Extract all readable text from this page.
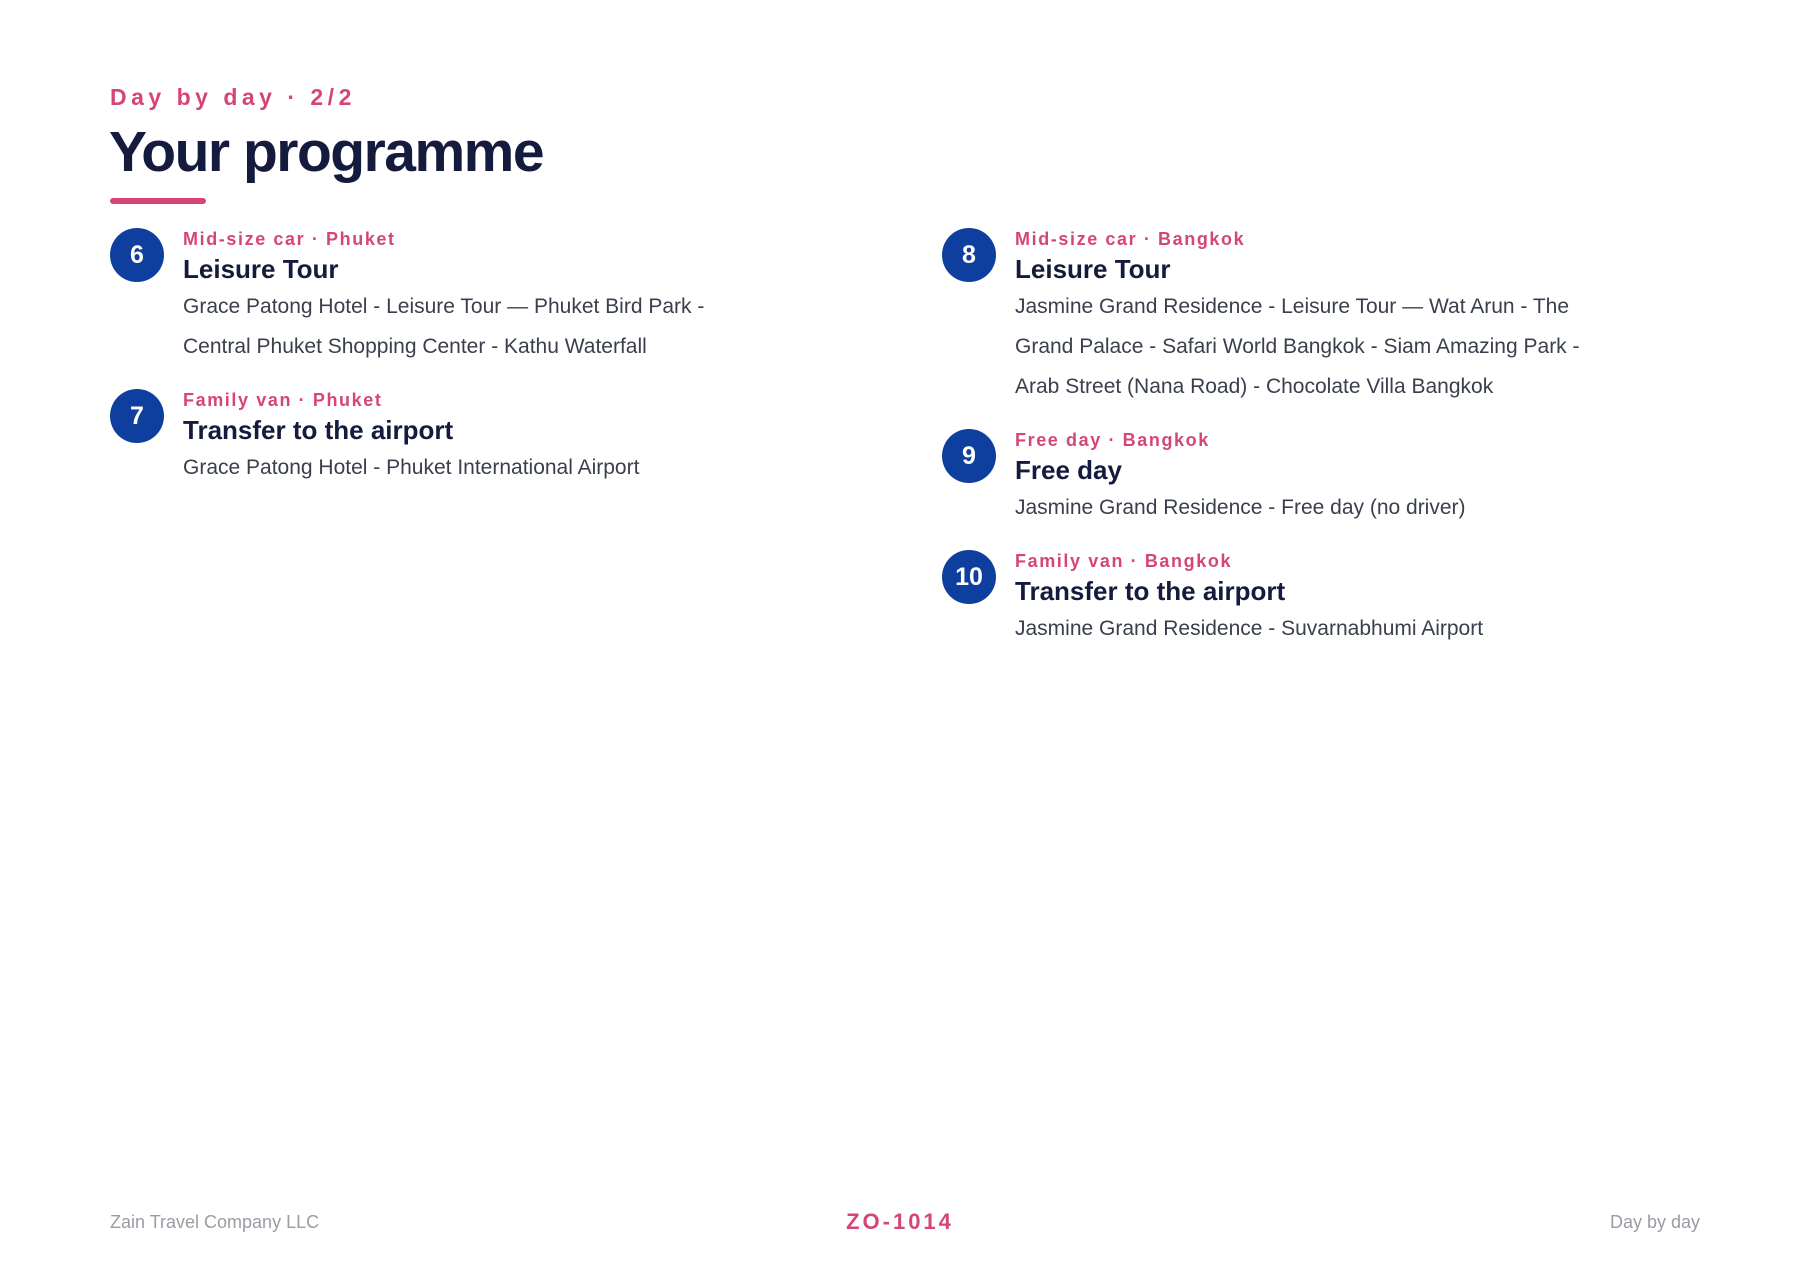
Day by day · 2/2
Your programme
6
Mid-size car · Phuket
Leisure Tour
Grace Patong Hotel - Leisure Tour — Phuket Bird Park - Central Phuket Shopping Center - Kathu Waterfall
7
Family van · Phuket
Transfer to the airport
Grace Patong Hotel - Phuket International Airport
8
Mid-size car · Bangkok
Leisure Tour
Jasmine Grand Residence - Leisure Tour — Wat Arun - The Grand Palace - Safari World Bangkok - Siam Amazing Park - Arab Street (Nana Road) - Chocolate Villa Bangkok
9
Free day · Bangkok
Free day
Jasmine Grand Residence - Free day (no driver)
10
Family van · Bangkok
Transfer to the airport
Jasmine Grand Residence - Suvarnabhumi Airport
Zain Travel Company LLC	ZO-1014	Day by day
